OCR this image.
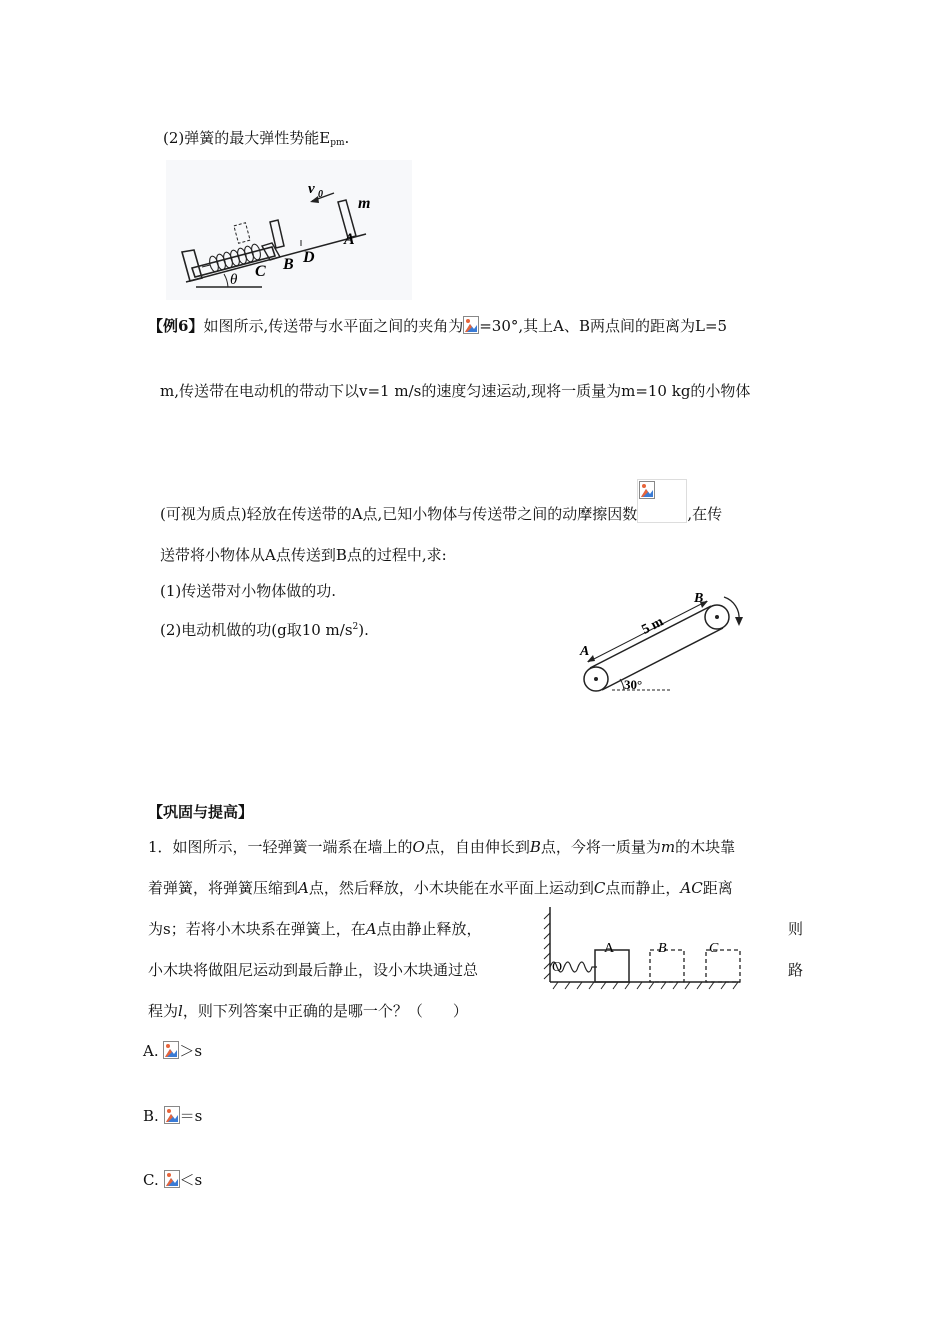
(2)弹簧的最大弹性势能$E_{pm}$.
v 0
m
A
B D
C
θ
【例6】如图所示,传送带与水平面之间的夹角为 =30°,其上A、B两点间的距离为L=5
m,传送带在电动机的带动下以v=1 m/s的速度匀速运动,现将一质量为m=10 kg的小物体
(可视为质点)轻放在传送带的A点,已知小物体与传送带之间的动摩擦因数	,在传
送带将小物体从A点传送到B点的过程中,求:
(1)传送带对小物体做的功.
(2)电动机做的功(g取10 $m/s^2$).
30°
A
B
5 m
【巩固与提高】
1．如图所示，一轻弹簧一端系在墙上的O点，自由伸长到B点，今将一质量为m的木块靠
着弹簧，将弹簧压缩到A点，然后释放，小木块能在水平面上运动到C点而静止，AC距离
为s；若将小木块系在弹簧上，在A点由静止释放，	则
小木块将做阻尼运动到最后静止，设小木块通过总	路
程为l，则下列答案中正确的是哪一个？（　　）
O
A	B	C
A. ＞s
B. ＝s
C. ＜s
